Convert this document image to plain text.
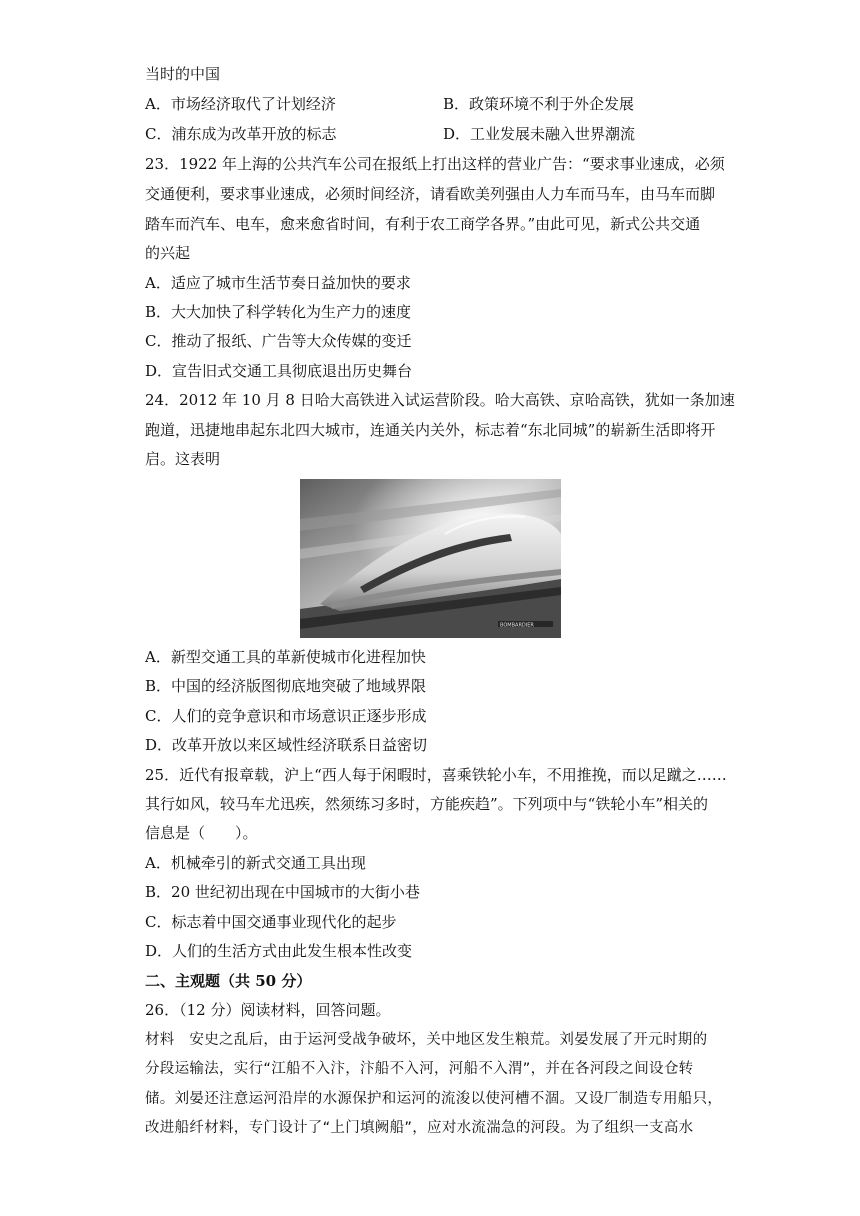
当时的中国
A．市场经济取代了计划经济	B．政策环境不利于外企发展
C．浦东成为改革开放的标志	D．工业发展未融入世界潮流
23．1922 年上海的公共汽车公司在报纸上打出这样的营业广告：“要求事业速成，必须
交通便利，要求事业速成，必须时间经济，请看欧美列强由人力车而马车，由马车而脚
踏车而汽车、电车，愈来愈省时间，有利于农工商学各界。”由此可见，新式公共交通
的兴起
A．适应了城市生活节奏日益加快的要求
B．大大加快了科学转化为生产力的速度
C．推动了报纸、广告等大众传媒的变迁
D．宣告旧式交通工具彻底退出历史舞台
24．2012 年 10 月 8 日哈大高铁进入试运营阶段。哈大高铁、京哈高铁，犹如一条加速
跑道，迅捷地串起东北四大城市，连通关内关外，标志着“东北同城”的崭新生活即将开
启。这表明
BOMBARDIER
A．新型交通工具的革新使城市化进程加快
B．中国的经济版图彻底地突破了地域界限
C．人们的竞争意识和市场意识正逐步形成
D．改革开放以来区域性经济联系日益密切
25．近代有报章载，沪上“西人每于闲暇时，喜乘铁轮小车，不用推挽，而以足蹴之……
其行如风，较马车尤迅疾，然须练习多时，方能疾趋”。下列项中与“铁轮小车”相关的
信息是（　　）。
A．机械牵引的新式交通工具出现
B．20 世纪初出现在中国城市的大街小巷
C．标志着中国交通事业现代化的起步
D．人们的生活方式由此发生根本性改变
二、主观题（共 50 分）
26．（12 分）阅读材料，回答问题。
材料　安史之乱后，由于运河受战争破坏，关中地区发生粮荒。刘晏发展了开元时期的
分段运输法，实行“江船不入汴，汴船不入河，河船不入渭”，并在各河段之间设仓转
储。刘晏还注意运河沿岸的水源保护和运河的流浚以使河槽不涸。又设厂制造专用船只，
改进船纤材料，专门设计了“上门填阙船”，应对水流湍急的河段。为了组织一支高水
